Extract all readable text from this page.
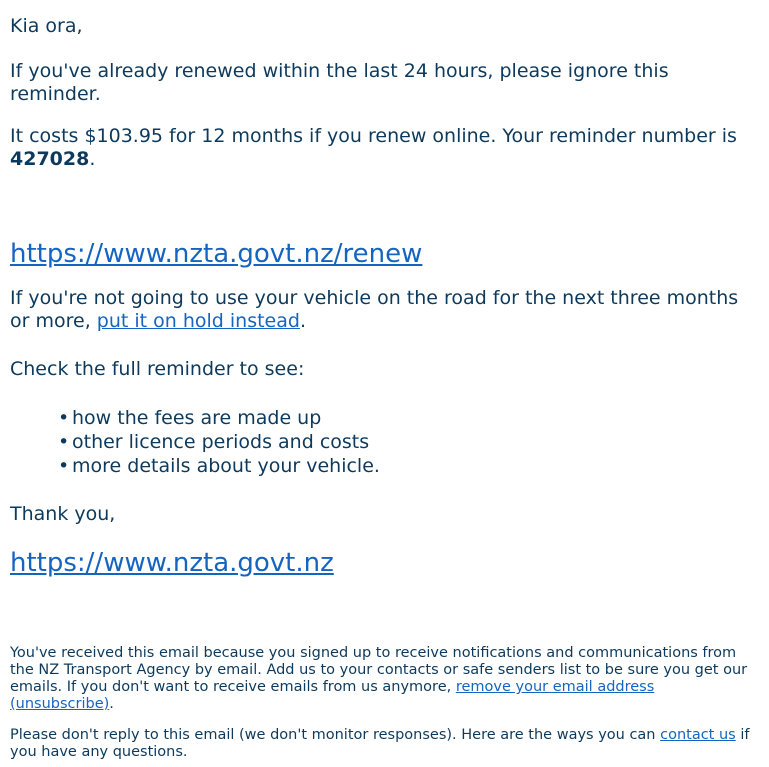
Kia ora,

If you've already renewed within the last 24 hours, please ignore this reminder.

It costs $103.95 for 12 months if you renew online. Your reminder number is 427028.

https://www.nzta.govt.nz/renew

If you're not going to use your vehicle on the road for the next three months or more, put it on hold instead.

Check the full reminder to see:

• how the fees are made up
• other licence periods and costs
• more details about your vehicle.

Thank you,

https://www.nzta.govt.nz

You've received this email because you signed up to receive notifications and communications from the NZ Transport Agency by email. Add us to your contacts or safe senders list to be sure you get our emails. If you don't want to receive emails from us anymore, remove your email address (unsubscribe).

Please don't reply to this email (we don't monitor responses). Here are the ways you can contact us if you have any questions.
